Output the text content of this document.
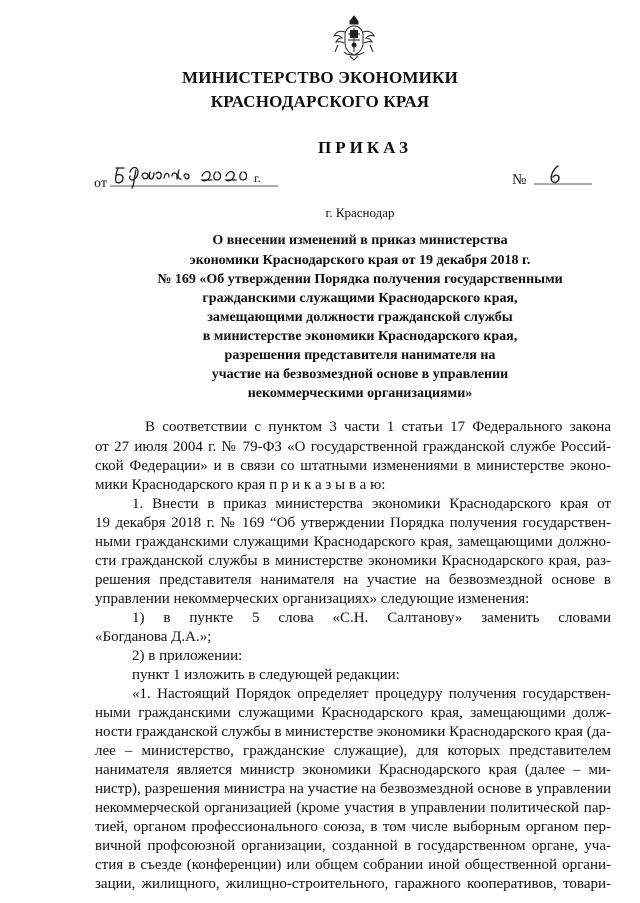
МИНИСТЕРСТВО ЭКОНОМИКИ
КРАСНОДАРСКОГО КРАЯ
ПРИКАЗ
от	г.	№
г. Краснодар
О внесении изменений в приказ министерства
экономики Краснодарского края от 19 декабря 2018 г.
№ 169 «Об утверждении Порядка получения государственными
гражданскими служащими Краснодарского края,
замещающими должности гражданской службы
в министерстве экономики Краснодарского края,
разрешения представителя нанимателя на
участие на безвозмездной основе в управлении
некоммерческими организациями»
В соответствии с пунктом 3 части 1 статьи 17 Федерального закона
от 27 июля 2004 г. № 79-ФЗ «О государственной гражданской службе Россий-
ской Федерации» и в связи со штатными изменениями в министерстве эконо-
мики Краснодарского края п р и к а з ы в а ю:
1. Внести в приказ министерства экономики Краснодарского края от
19 декабря 2018 г. № 169 “Об утверждении Порядка получения государствен-
ными гражданскими служащими Краснодарского края, замещающими должно-
сти гражданской службы в министерстве экономики Краснодарского края, раз-
решения представителя нанимателя на участие на безвозмездной основе в
управлении некоммерческих организациях» следующие изменения:
1) в пункте 5 слова «С.Н. Салтанову» заменить словами
«Богданова Д.А.»;
2) в приложении:
пункт 1 изложить в следующей редакции:
«1. Настоящий Порядок определяет процедуру получения государствен-
ными гражданскими служащими Краснодарского края, замещающими долж-
ности гражданской службы в министерстве экономики Краснодарского края (да-
лее – министерство, гражданские служащие), для которых представителем
нанимателя является министр экономики Краснодарского края (далее – ми-
нистр), разрешения министра на участие на безвозмездной основе в управлении
некоммерческой организацией (кроме участия в управлении политической пар-
тией, органом профессионального союза, в том числе выборным органом пер-
вичной профсоюзной организации, созданной в государственном органе, уча-
стия в съезде (конференции) или общем собрании иной общественной органи-
зации, жилищного, жилищно-строительного, гаражного кооперативов, товари-
